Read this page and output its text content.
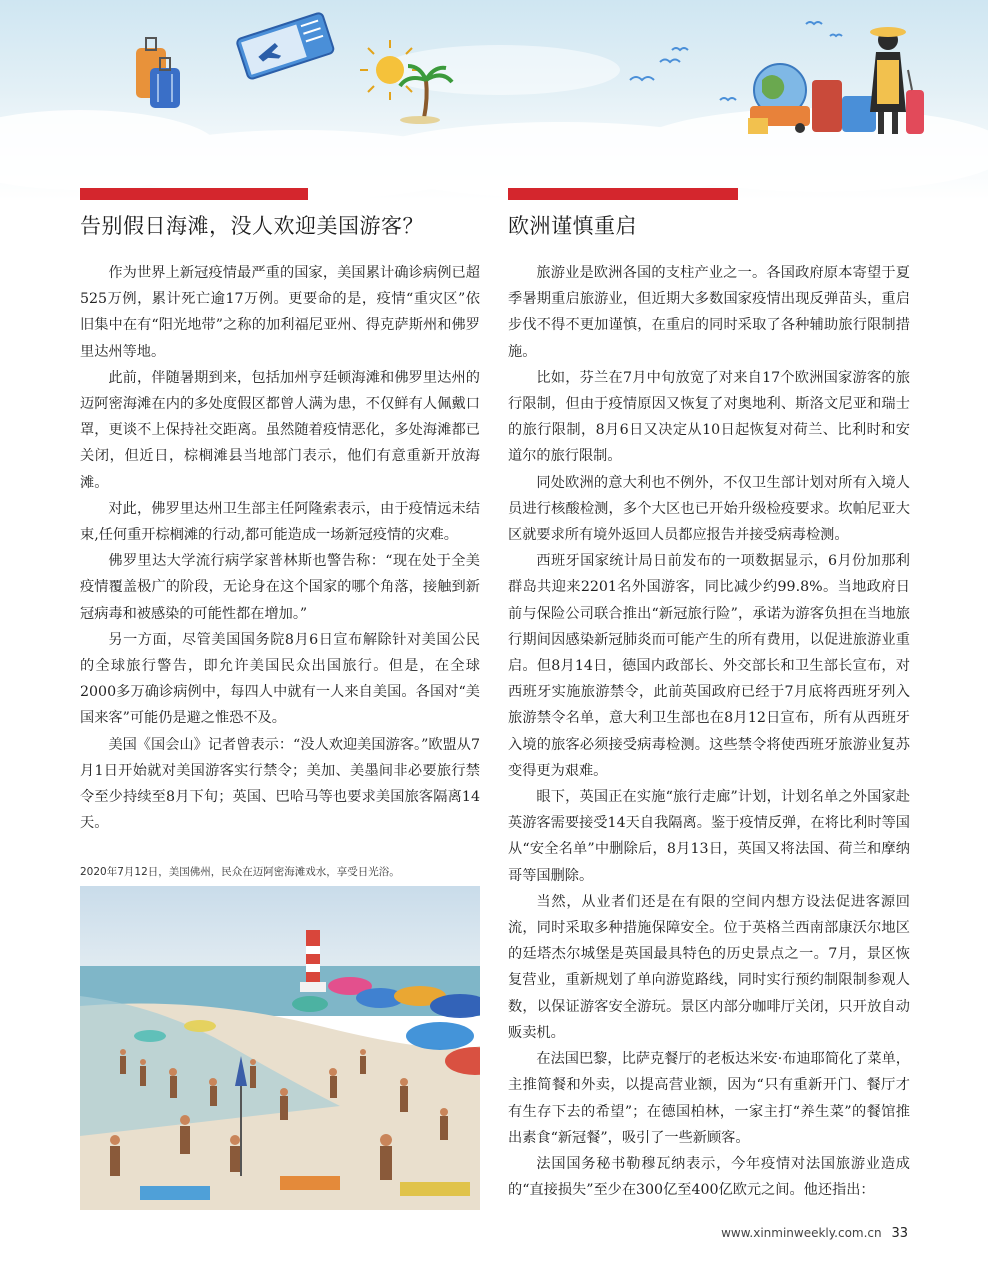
告别假日海滩，没人欢迎美国游客？	欧洲谨慎重启

作为世界上新冠疫情最严重的国家，美国累计确诊病例已超525万例，累计死亡逾17万例。更要命的是，疫情“重灾区”依旧集中在有“阳光地带”之称的加利福尼亚州、得克萨斯州和佛罗里达州等地。

此前，伴随暑期到来，包括加州亨廷顿海滩和佛罗里达州的迈阿密海滩在内的多处度假区都曾人满为患，不仅鲜有人佩戴口罩，更谈不上保持社交距离。虽然随着疫情恶化，多处海滩都已关闭，但近日，棕榈滩县当地部门表示，他们有意重新开放海滩。

对此，佛罗里达州卫生部主任阿隆索表示，由于疫情远未结束,任何重开棕榈滩的行动,都可能造成一场新冠疫情的灾难。

佛罗里达大学流行病学家普林斯也警告称：“现在处于全美疫情覆盖极广的阶段，无论身在这个国家的哪个角落，接触到新冠病毒和被感染的可能性都在增加。”

另一方面，尽管美国国务院8月6日宣布解除针对美国公民的全球旅行警告，即允许美国民众出国旅行。但是，在全球2000多万确诊病例中，每四人中就有一人来自美国。各国对“美国来客”可能仍是避之惟恐不及。

美国《国会山》记者曾表示：“没人欢迎美国游客。”欧盟从7月1日开始就对美国游客实行禁令；美加、美墨间非必要旅行禁令至少持续至8月下旬；英国、巴哈马等也要求美国旅客隔离14天。

2020年7月12日，美国佛州，民众在迈阿密海滩戏水，享受日光浴。

旅游业是欧洲各国的支柱产业之一。各国政府原本寄望于夏季暑期重启旅游业，但近期大多数国家疫情出现反弹苗头，重启步伐不得不更加谨慎，在重启的同时采取了各种辅助旅行限制措施。

比如，芬兰在7月中旬放宽了对来自17个欧洲国家游客的旅行限制，但由于疫情原因又恢复了对奥地利、斯洛文尼亚和瑞士的旅行限制，8月6日又决定从10日起恢复对荷兰、比利时和安道尔的旅行限制。

同处欧洲的意大利也不例外，不仅卫生部计划对所有入境人员进行核酸检测，多个大区也已开始升级检疫要求。坎帕尼亚大区就要求所有境外返回人员都应报告并接受病毒检测。

西班牙国家统计局日前发布的一项数据显示，6月份加那利群岛共迎来2201名外国游客，同比减少约99.8%。当地政府日前与保险公司联合推出“新冠旅行险”，承诺为游客负担在当地旅行期间因感染新冠肺炎而可能产生的所有费用，以促进旅游业重启。但8月14日，德国内政部长、外交部长和卫生部长宣布，对西班牙实施旅游禁令，此前英国政府已经于7月底将西班牙列入旅游禁令名单，意大利卫生部也在8月12日宣布，所有从西班牙入境的旅客必须接受病毒检测。这些禁令将使西班牙旅游业复苏变得更为艰难。

眼下，英国正在实施“旅行走廊”计划，计划名单之外国家赴英游客需要接受14天自我隔离。鉴于疫情反弹，在将比利时等国从“安全名单”中删除后，8月13日，英国又将法国、荷兰和摩纳哥等国删除。

当然，从业者们还是在有限的空间内想方设法促进客源回流，同时采取多种措施保障安全。位于英格兰西南部康沃尔地区的廷塔杰尔城堡是英国最具特色的历史景点之一。7月，景区恢复营业，重新规划了单向游览路线，同时实行预约制限制参观人数，以保证游客安全游玩。景区内部分咖啡厅关闭，只开放自动贩卖机。

在法国巴黎，比萨克餐厅的老板达米安·布迪耶简化了菜单，主推简餐和外卖，以提高营业额，因为“只有重新开门、餐厅才有生存下去的希望”；在德国柏林，一家主打“养生菜”的餐馆推出素食“新冠餐”，吸引了一些新顾客。

法国国务秘书勒穆瓦纳表示，今年疫情对法国旅游业造成的“直接损失”至少在300亿至400亿欧元之间。他还指出：

www.xinminweekly.com.cn 33
